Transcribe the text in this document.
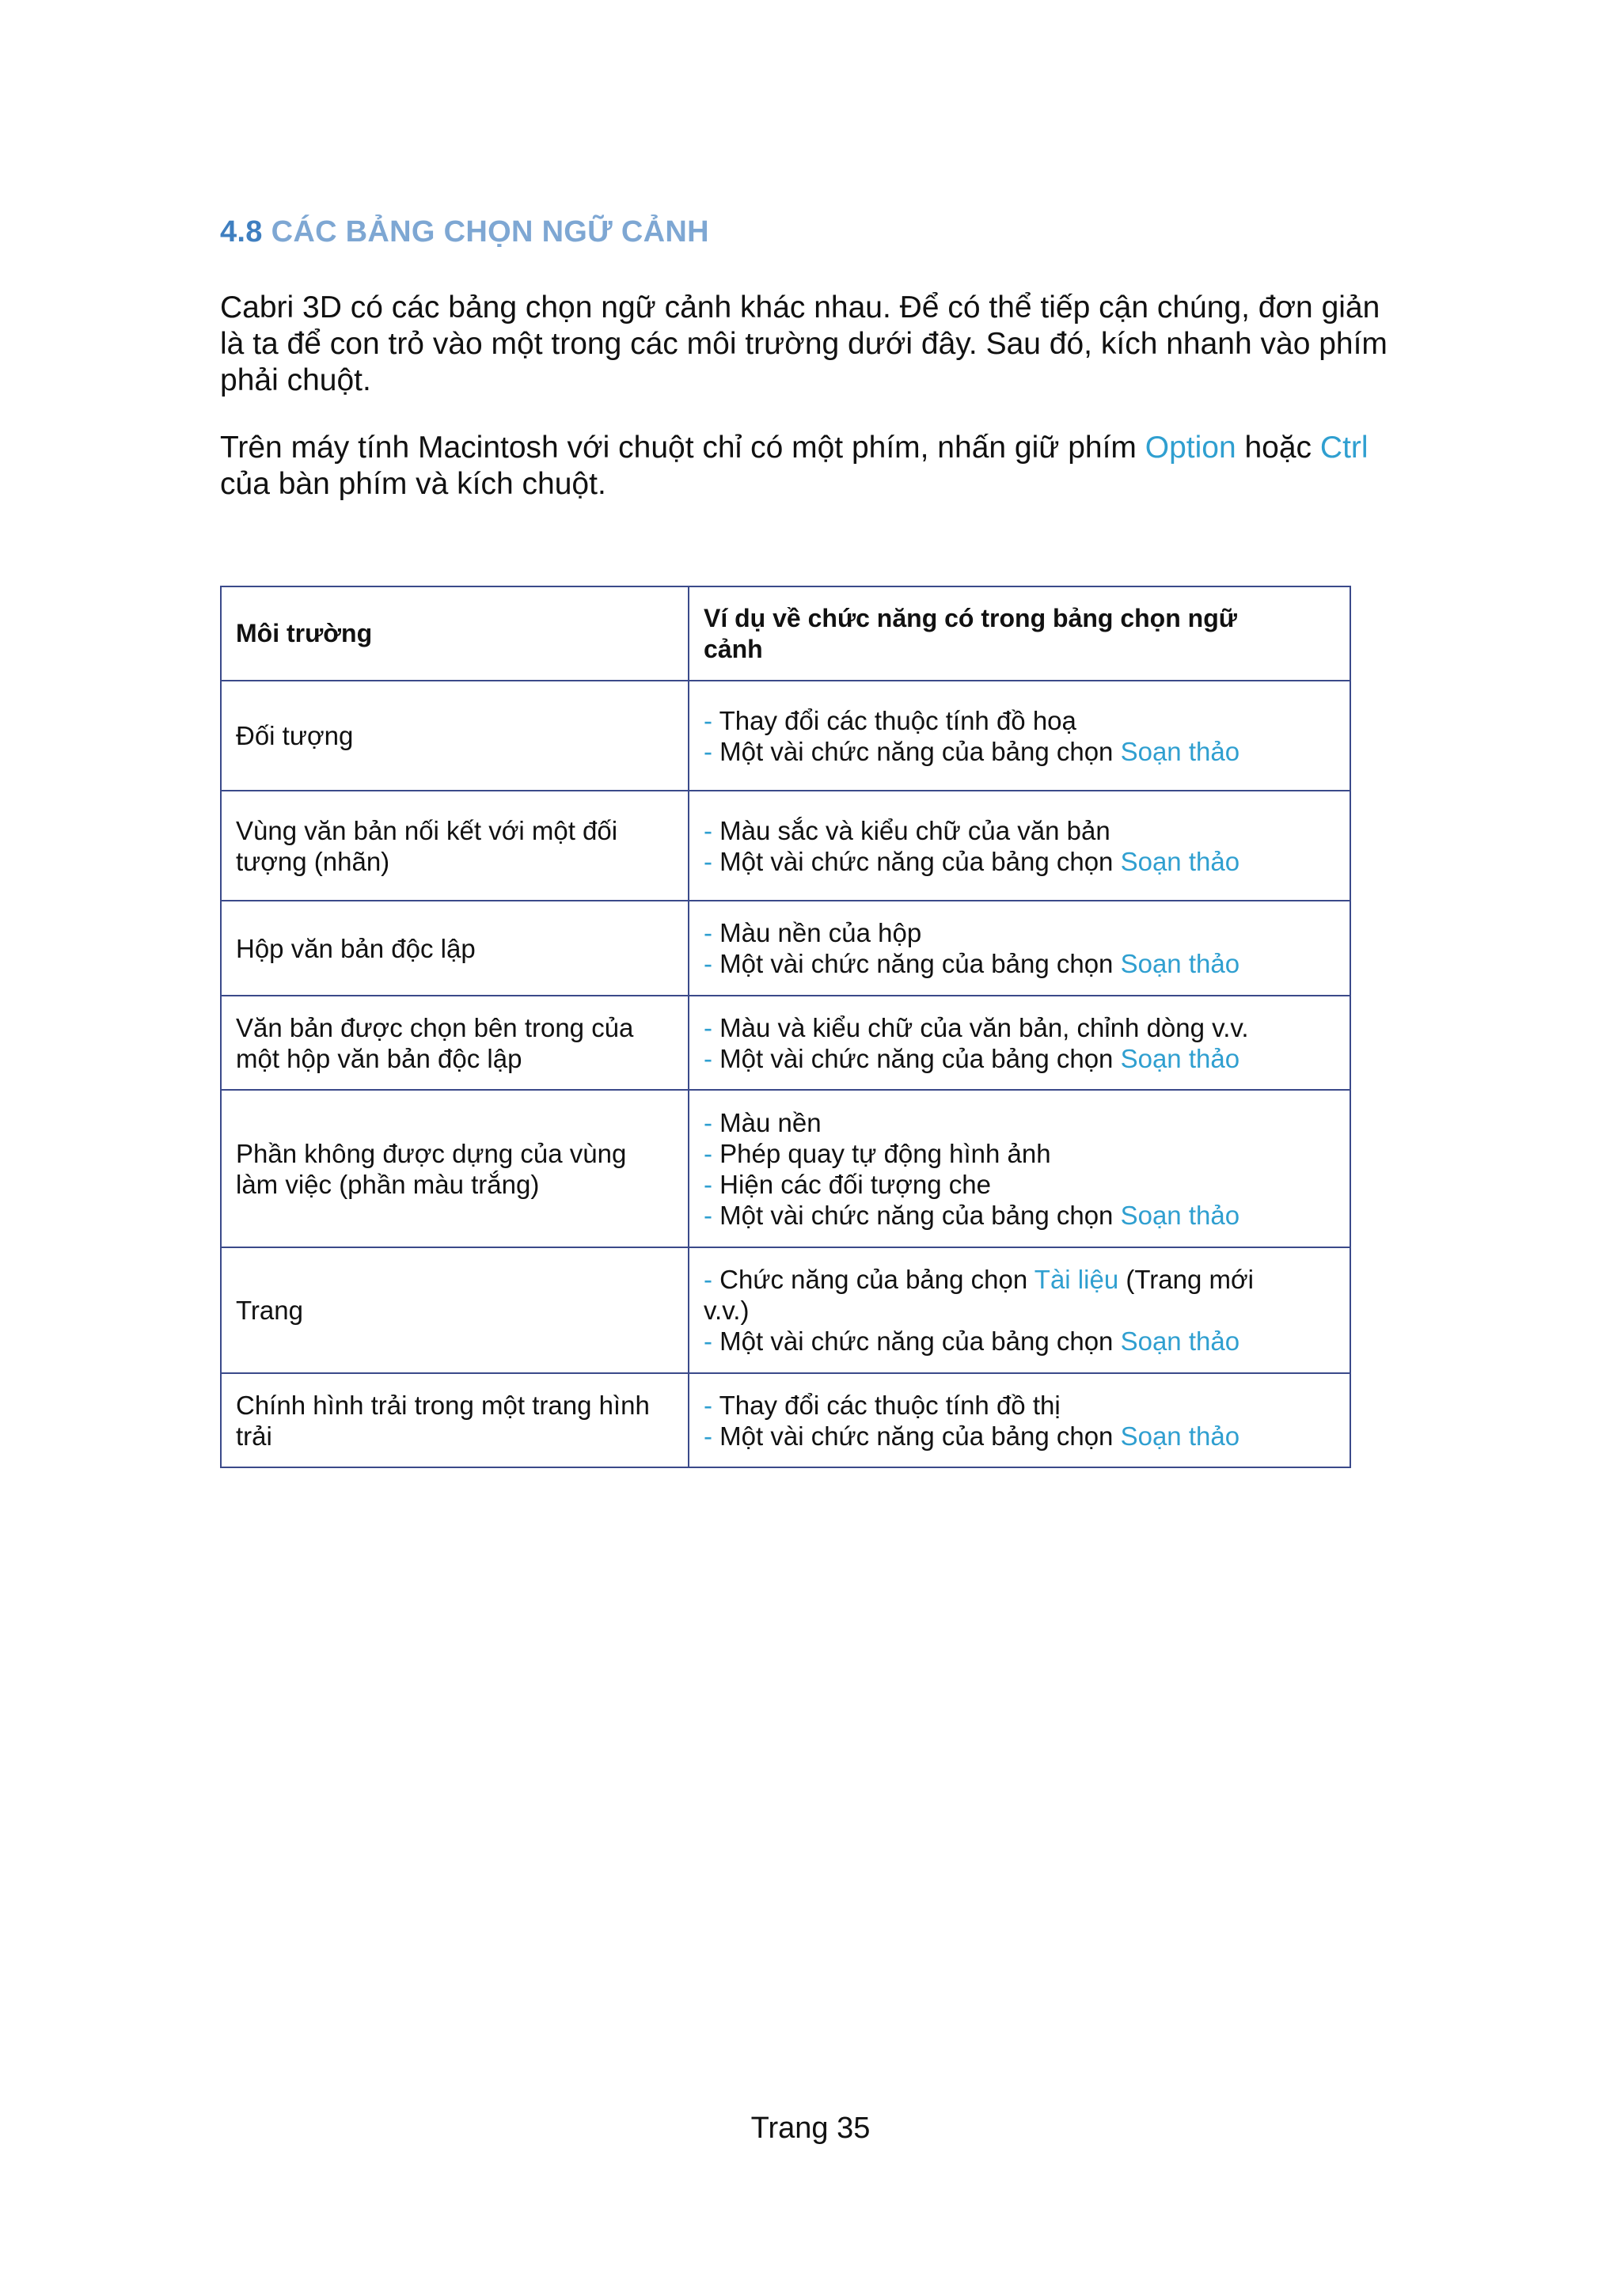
4.8 CÁC BẢNG CHỌN NGỮ CẢNH

Cabri 3D có các bảng chọn ngữ cảnh khác nhau. Để có thể tiếp cận chúng, đơn giản
là ta để con trỏ vào một trong các môi trường dưới đây. Sau đó, kích nhanh vào phím
phải chuột.

Trên máy tính Macintosh với chuột chỉ có một phím, nhấn giữ phím Option hoặc Ctrl
của bàn phím và kích chuột.

Môi trường	Ví dụ về chức năng có trong bảng chọn ngữ
cảnh

Đối tượng	- Thay đổi các thuộc tính đồ hoạ
- Một vài chức năng của bảng chọn Soạn thảo

Vùng văn bản nối kết với một đối
tượng (nhãn)	- Màu sắc và kiểu chữ của văn bản
- Một vài chức năng của bảng chọn Soạn thảo

Hộp văn bản độc lập	- Màu nền của hộp
- Một vài chức năng của bảng chọn Soạn thảo

Văn bản được chọn bên trong của
một hộp văn bản độc lập	- Màu và kiểu chữ của văn bản, chỉnh dòng v.v.
- Một vài chức năng của bảng chọn Soạn thảo

Phần không được dựng của vùng
làm việc (phần màu trắng)	- Màu nền
- Phép quay tự động hình ảnh
- Hiện các đối tượng che
- Một vài chức năng của bảng chọn Soạn thảo

Trang	- Chức năng của bảng chọn Tài liệu (Trang mới
v.v.)
- Một vài chức năng của bảng chọn Soạn thảo

Chính hình trải trong một trang hình
trải	- Thay đổi các thuộc tính đồ thị
- Một vài chức năng của bảng chọn Soạn thảo
Trang 35
